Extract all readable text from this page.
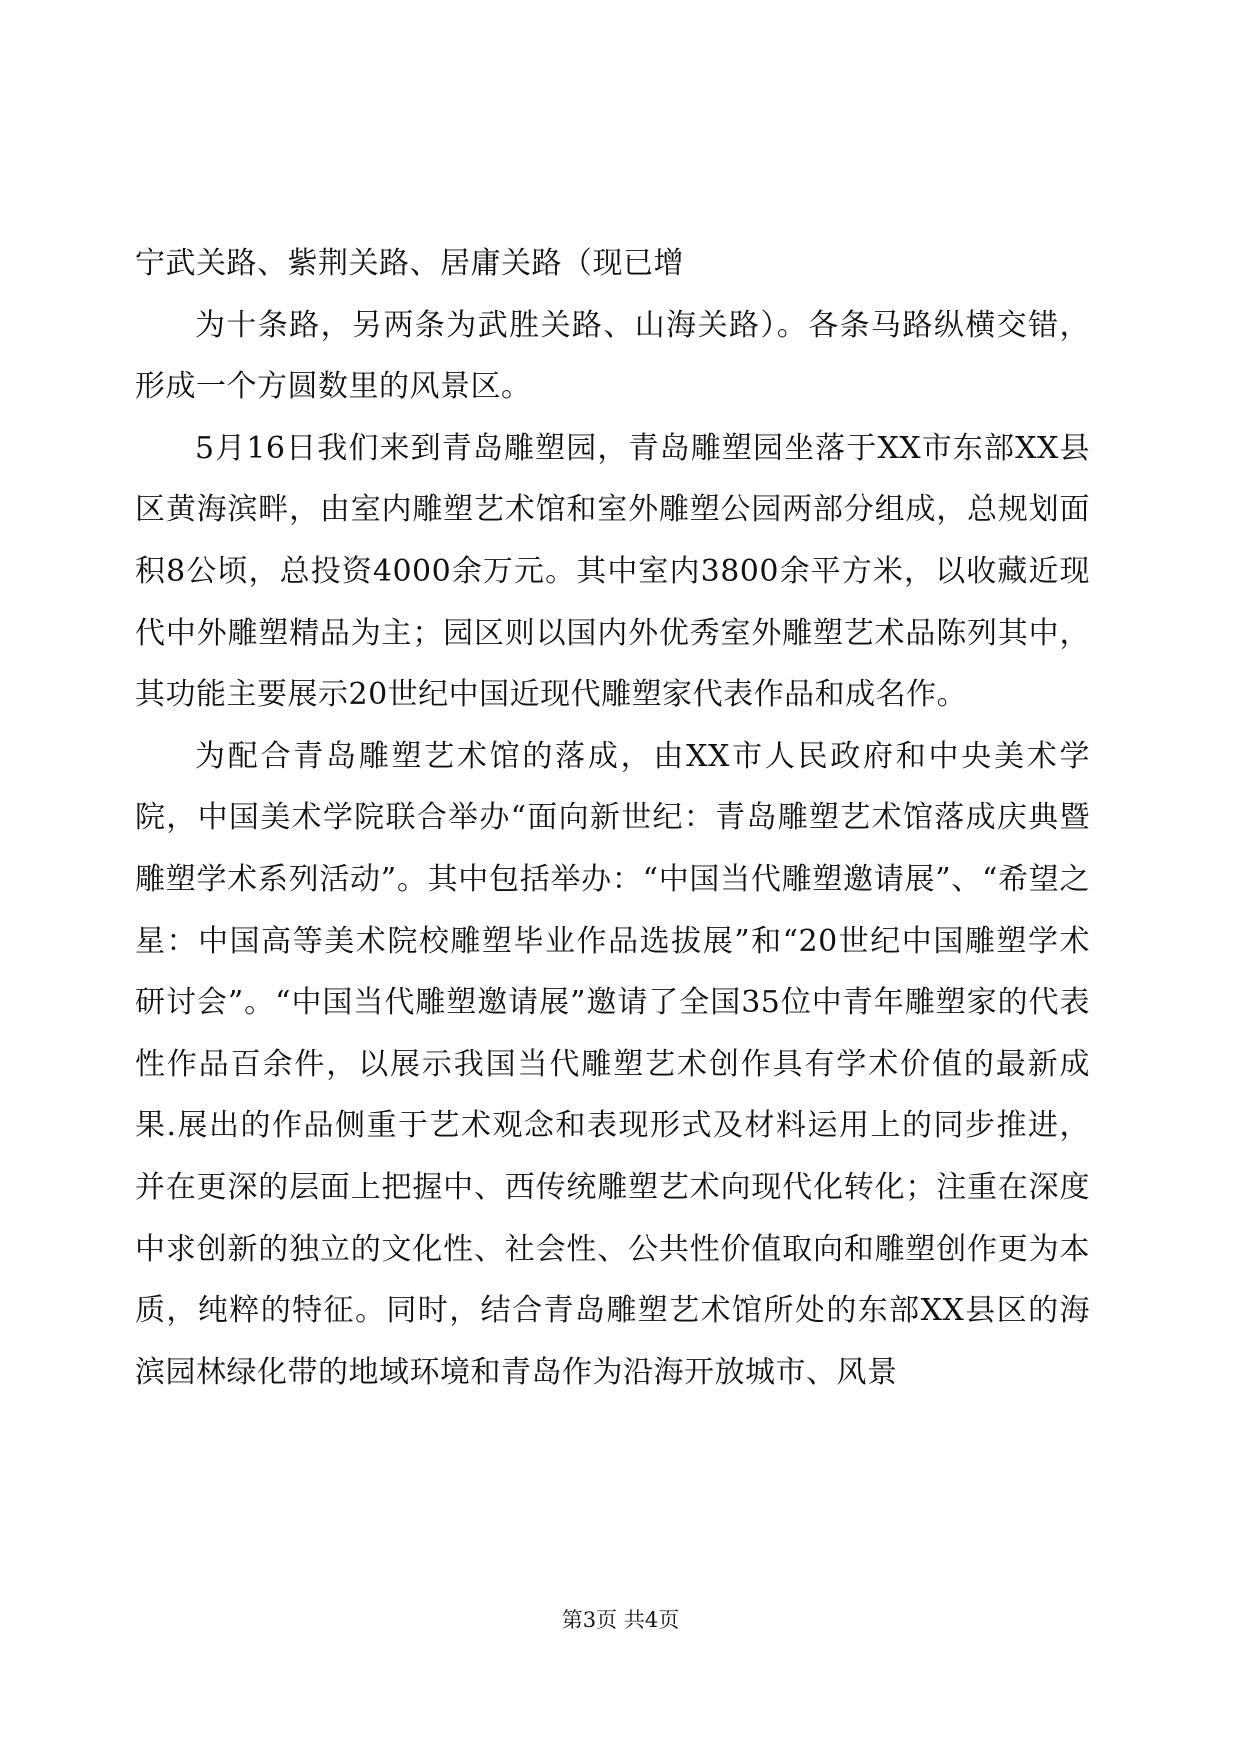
宁武关路、紫荆关路、居庸关路（现已增

为十条路，另两条为武胜关路、山海关路）。各条马路纵横交错，形成一个方圆数里的风景区。

5月16日我们来到青岛雕塑园，青岛雕塑园坐落于XX市东部XX县区黄海滨畔，由室内雕塑艺术馆和室外雕塑公园两部分组成，总规划面积8公顷，总投资4000余万元。其中室内3800余平方米，以收藏近现代中外雕塑精品为主；园区则以国内外优秀室外雕塑艺术品陈列其中，其功能主要展示20世纪中国近现代雕塑家代表作品和成名作。

为配合青岛雕塑艺术馆的落成，由XX市人民政府和中央美术学院，中国美术学院联合举办“面向新世纪：青岛雕塑艺术馆落成庆典暨雕塑学术系列活动”。其中包括举办：“中国当代雕塑邀请展”、“希望之星：中国高等美术院校雕塑毕业作品选拔展”和“20世纪中国雕塑学术研讨会”。“中国当代雕塑邀请展”邀请了全国35位中青年雕塑家的代表性作品百余件，以展示我国当代雕塑艺术创作具有学术价值的最新成果.展出的作品侧重于艺术观念和表现形式及材料运用上的同步推进，并在更深的层面上把握中、西传统雕塑艺术向现代化转化；注重在深度中求创新的独立的文化性、社会性、公共性价值取向和雕塑创作更为本质，纯粹的特征。同时，结合青岛雕塑艺术馆所处的东部XX县区的海滨园林绿化带的地域环境和青岛作为沿海开放城市、风景

第3页 共4页
